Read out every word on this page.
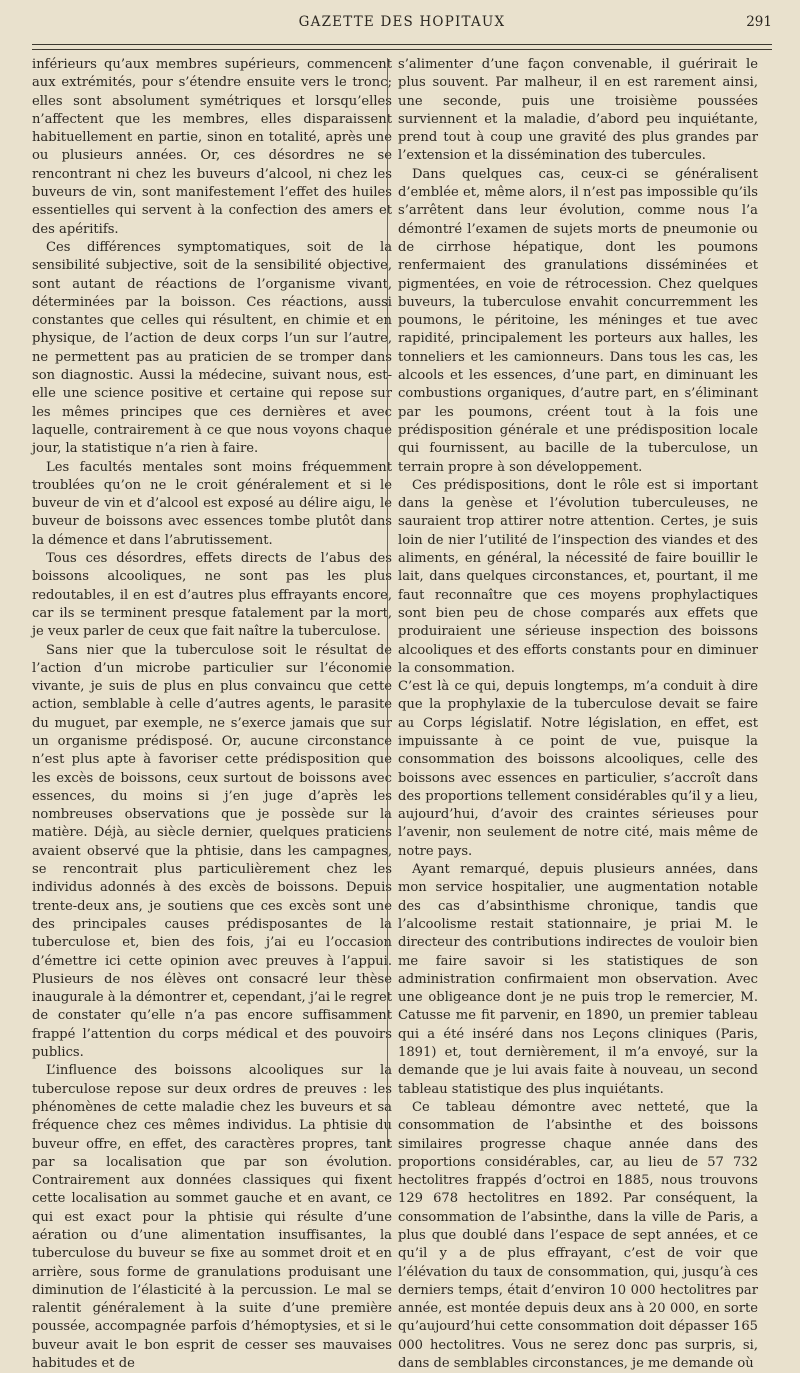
GAZETTE DES HOPITAUX	291

inférieurs qu’aux membres supérieurs, commencent aux extrémités, pour s’étendre ensuite vers le tronc; elles sont absolument symétriques et lorsqu’elles n’affectent que les membres, elles disparaissent habituellement en partie, sinon en totalité, après une ou plusieurs années. Or, ces désordres ne se rencontrant ni chez les buveurs d’alcool, ni chez les buveurs de vin, sont manifestement l’effet des huiles essentielles qui servent à la confection des amers et des apéritifs.

Ces différences symptomatiques, soit de la sensibilité subjective, soit de la sensibilité objective, sont autant de réactions de l’organisme vivant, déterminées par la boisson. Ces réactions, aussi constantes que celles qui résultent, en chimie et en physique, de l’action de deux corps l’un sur l’autre, ne permettent pas au praticien de se tromper dans son diagnostic. Aussi la médecine, suivant nous, est-elle une science positive et certaine qui repose sur les mêmes principes que ces dernières et avec laquelle, contrairement à ce que nous voyons chaque jour, la statistique n’a rien à faire.

Les facultés mentales sont moins fréquemment troublées qu’on ne le croit généralement et si le buveur de vin et d’alcool est exposé au délire aigu, le buveur de boissons avec essences tombe plutôt dans la démence et dans l’abrutissement.

Tous ces désordres, effets directs de l’abus des boissons alcooliques, ne sont pas les plus redoutables, il en est d’autres plus effrayants encore, car ils se terminent presque fatalement par la mort, je veux parler de ceux que fait naître la tuberculose.

Sans nier que la tuberculose soit le résultat de l’action d’un microbe particulier sur l’économie vivante, je suis de plus en plus convaincu que cette action, semblable à celle d’autres agents, le parasite du muguet, par exemple, ne s’exerce jamais que sur un organisme prédisposé. Or, aucune circonstance n’est plus apte à favoriser cette prédisposition que les excès de boissons, ceux surtout de boissons avec essences, du moins si j’en juge d’après les nombreuses observations que je possède sur la matière. Déjà, au siècle dernier, quelques praticiens avaient observé que la phtisie, dans les campagnes, se rencontrait plus particulièrement chez les individus adonnés à des excès de boissons. Depuis trente-deux ans, je soutiens que ces excès sont une des principales causes prédisposantes de la tuberculose et, bien des fois, j’ai eu l’occasion d’émettre ici cette opinion avec preuves à l’appui. Plusieurs de nos élèves ont consacré leur thèse inaugurale à la démontrer et, cependant, j’ai le regret de constater qu’elle n’a pas encore suffisamment frappé l’attention du corps médical et des pouvoirs publics.

L’influence des boissons alcooliques sur la tuberculose repose sur deux ordres de preuves : les phénomènes de cette maladie chez les buveurs et sa fréquence chez ces mêmes individus. La phtisie du buveur offre, en effet, des caractères propres, tant par sa localisation que par son évolution. Contrairement aux données classiques qui fixent cette localisation au sommet gauche et en avant, ce qui est exact pour la phtisie qui résulte d’une aération ou d’une alimentation insuffisantes, la tuberculose du buveur se fixe au sommet droit et en arrière, sous forme de granulations produisant une diminution de l’élasticité à la percussion. Le mal se ralentit généralement à la suite d’une première poussée, accompagnée parfois d’hémoptysies, et si le buveur avait le bon esprit de cesser ses mauvaises habitudes et de

s’alimenter d’une façon convenable, il guérirait le plus souvent. Par malheur, il en est rarement ainsi, une seconde, puis une troisième poussées surviennent et la maladie, d’abord peu inquiétante, prend tout à coup une gravité des plus grandes par l’extension et la dissémination des tubercules.

Dans quelques cas, ceux-ci se généralisent d’emblée et, même alors, il n’est pas impossible qu’ils s’arrêtent dans leur évolution, comme nous l’a démontré l’examen de sujets morts de pneumonie ou de cirrhose hépatique, dont les poumons renfermaient des granulations disséminées et pigmentées, en voie de rétrocession. Chez quelques buveurs, la tuberculose envahit concurremment les poumons, le péritoine, les méninges et tue avec rapidité, principalement les porteurs aux halles, les tonneliers et les camionneurs. Dans tous les cas, les alcools et les essences, d’une part, en diminuant les combustions organiques, d’autre part, en s’éliminant par les poumons, créent tout à la fois une prédisposition générale et une prédisposition locale qui fournissent, au bacille de la tuberculose, un terrain propre à son développement.

Ces prédispositions, dont le rôle est si important dans la genèse et l’évolution tuberculeuses, ne sauraient trop attirer notre attention. Certes, je suis loin de nier l’utilité de l’inspection des viandes et des aliments, en général, la nécessité de faire bouillir le lait, dans quelques circonstances, et, pourtant, il me faut reconnaître que ces moyens prophylactiques sont bien peu de chose comparés aux effets que produiraient une sérieuse inspection des boissons alcooliques et des efforts constants pour en diminuer la consommation.

C’est là ce qui, depuis longtemps, m’a conduit à dire que la prophylaxie de la tuberculose devait se faire au Corps législatif. Notre législation, en effet, est impuissante à ce point de vue, puisque la consommation des boissons alcooliques, celle des boissons avec essences en particulier, s’accroît dans des proportions tellement considérables qu’il y a lieu, aujourd’hui, d’avoir des craintes sérieuses pour l’avenir, non seulement de notre cité, mais même de notre pays.

Ayant remarqué, depuis plusieurs années, dans mon service hospitalier, une augmentation notable des cas d’absinthisme chronique, tandis que l’alcoolisme restait stationnaire, je priai M. le directeur des contributions indirectes de vouloir bien me faire savoir si les statistiques de son administration confirmaient mon observation. Avec une obligeance dont je ne puis trop le remercier, M. Catusse me fit parvenir, en 1890, un premier tableau qui a été inséré dans nos Leçons cliniques (Paris, 1891) et, tout dernièrement, il m’a envoyé, sur la demande que je lui avais faite à nouveau, un second tableau statistique des plus inquiétants.

Ce tableau démontre avec netteté, que la consommation de l’absinthe et des boissons similaires progresse chaque année dans des proportions considérables, car, au lieu de 57 732 hectolitres frappés d’octroi en 1885, nous trouvons 129 678 hectolitres en 1892. Par conséquent, la consommation de l’absinthe, dans la ville de Paris, a plus que doublé dans l’espace de sept années, et ce qu’il y a de plus effrayant, c’est de voir que l’élévation du taux de consommation, qui, jusqu’à ces derniers temps, était d’environ 10 000 hectolitres par année, est montée depuis deux ans à 20 000, en sorte qu’aujourd’hui cette consommation doit dépasser 165 000 hectolitres. Vous ne serez donc pas surpris, si, dans de semblables circonstances, je me demande où
